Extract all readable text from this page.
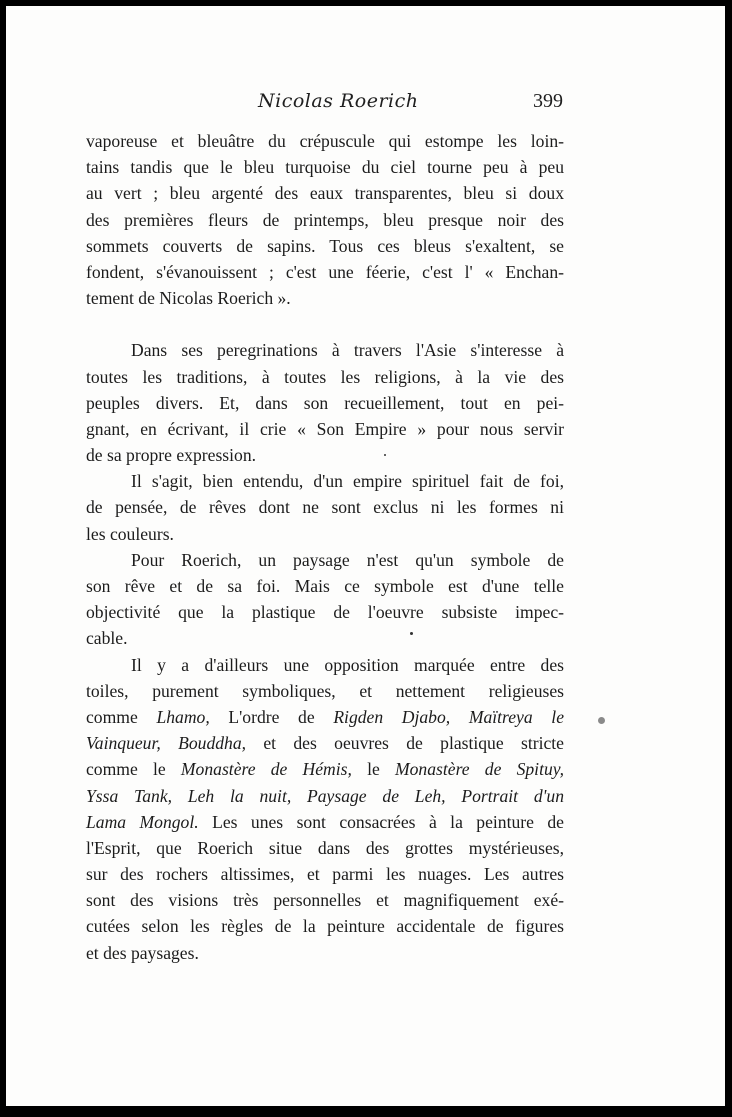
Nicolas Roerich	399
vaporeuse et bleuâtre du crépuscule qui estompe les loin-
tains tandis que le bleu turquoise du ciel tourne peu à peu
au vert ; bleu argenté des eaux transparentes, bleu si doux
des premières fleurs de printemps, bleu presque noir des
sommets couverts de sapins. Tous ces bleus s'exaltent, se
fondent, s'évanouissent ; c'est une féerie, c'est l' « Enchan-
tement de Nicolas Roerich ».
Dans ses peregrinations à travers l'Asie s'interesse à
toutes les traditions, à toutes les religions, à la vie des
peuples divers. Et, dans son recueillement, tout en pei-
gnant, en écrivant, il crie « Son Empire » pour nous servir
de sa propre expression.
Il s'agit, bien entendu, d'un empire spirituel fait de foi,
de pensée, de rêves dont ne sont exclus ni les formes ni
les couleurs.
Pour Roerich, un paysage n'est qu'un symbole de
son rêve et de sa foi. Mais ce symbole est d'une telle
objectivité que la plastique de l'oeuvre subsiste impec-
cable.
Il y a d'ailleurs une opposition marquée entre des
toiles, purement symboliques, et nettement religieuses
comme Lhamo, L'ordre de Rigden Djabo, Maïtreya le
Vainqueur, Bouddha, et des oeuvres de plastique stricte
comme le Monastère de Hémis, le Monastère de Spituy,
Yssa Tank, Leh la nuit, Paysage de Leh, Portrait d'un
Lama Mongol. Les unes sont consacrées à la peinture de
l'Esprit, que Roerich situe dans des grottes mystérieuses,
sur des rochers altissimes, et parmi les nuages. Les autres
sont des visions très personnelles et magnifiquement exé-
cutées selon les règles de la peinture accidentale de figures
et des paysages.
